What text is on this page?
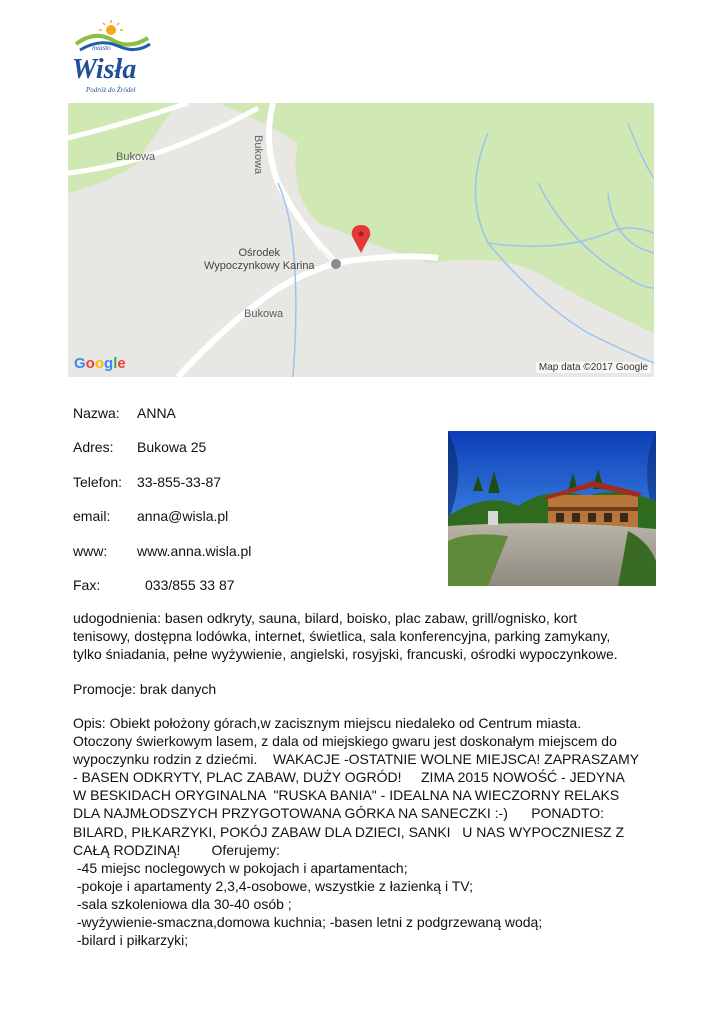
miasto
Wisła
Podróż do Źródeł
Bukowa	Bukowa
Bukowa
Ośrodek
Wypoczynkowy Karina
Google	Map data ©2017 Google
Nazwa: ANNA
Adres: Bukowa 25
Telefon: 33-855-33-87
email: anna@wisla.pl
www: www.anna.wisla.pl
Fax:	033/855 33 87
udogodnienia: basen odkryty, sauna, bilard, boisko, plac zabaw, grill/ognisko, kort
tenisowy, dostępna lodówka, internet, świetlica, sala konferencyjna, parking zamykany,
tylko śniadania, pełne wyżywienie, angielski, rosyjski, francuski, ośrodki wypoczynkowe.
Promocje: brak danych
Opis: Obiekt położony górach,w zacisznym miejscu niedaleko od Centrum miasta.
Otoczony świerkowym lasem, z dala od miejskiego gwaru jest doskonałym miejscem do
wypoczynku rodzin z dziećmi.    WAKACJE -OSTATNIE WOLNE MIEJSCA! ZAPRASZAMY
- BASEN ODKRYTY, PLAC ZABAW, DUŻY OGRÓD!     ZIMA 2015 NOWOŚĆ - JEDYNA
W BESKIDACH ORYGINALNA  "RUSKA BANIA" - IDEALNA NA WIECZORNY RELAKS
DLA NAJMŁODSZYCH PRZYGOTOWANA GÓRKA NA SANECZKI :-)      PONADTO:
BILARD, PIŁKARZYKI, POKÓJ ZABAW DLA DZIECI, SANKI   U NAS WYPOCZNIESZ Z
CAŁĄ RODZINĄ!        Oferujemy:
-45 miejsc noclegowych w pokojach i apartamentach;
-pokoje i apartamenty 2,3,4-osobowe, wszystkie z łazienką i TV;
-sala szkoleniowa dla 30-40 osób ;
-wyżywienie-smaczna,domowa kuchnia; -basen letni z podgrzewaną wodą;
-bilard i piłkarzyki;
